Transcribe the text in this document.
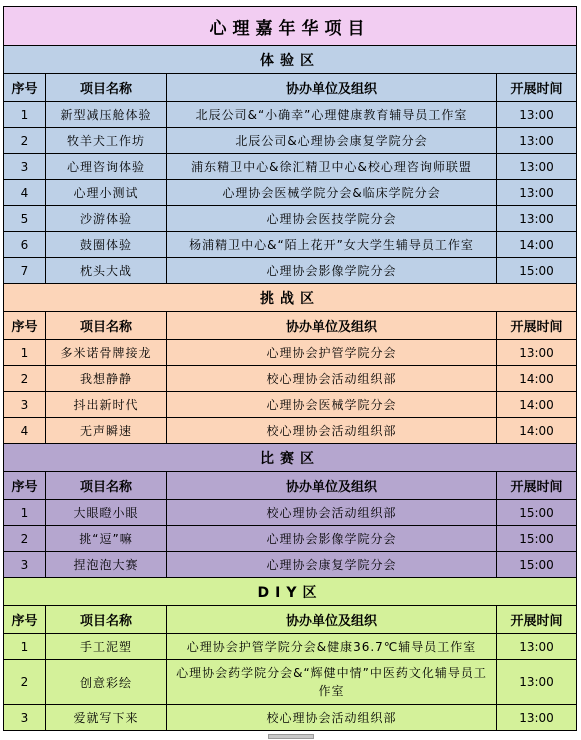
心理嘉年华项目			
体验区			
序号	项目名称	协办单位及组织	开展时间
1	新型减压舱体验	北辰公司&“小确幸”心理健康教育辅导员工作室	13:00
2	牧羊犬工作坊	北辰公司&心理协会康复学院分会	13:00
3	心理咨询体验	浦东精卫中心&徐汇精卫中心&校心理咨询师联盟	13:00
4	心理小测试	心理协会医械学院分会&临床学院分会	13:00
5	沙游体验	心理协会医技学院分会	13:00
6	鼓圈体验	杨浦精卫中心&“陌上花开”女大学生辅导员工作室	14:00
7	枕头大战	心理协会影像学院分会	15:00
挑战区			
序号	项目名称	协办单位及组织	开展时间
1	多米诺骨牌接龙	心理协会护管学院分会	13:00
2	我想静静	校心理协会活动组织部	14:00
3	抖出新时代	心理协会医械学院分会	14:00
4	无声瞬速	校心理协会活动组织部	14:00
比赛区			
序号	项目名称	协办单位及组织	开展时间
1	大眼瞪小眼	校心理协会活动组织部	15:00
2	挑“逗”嘛	心理协会影像学院分会	15:00
3	捏泡泡大赛	心理协会康复学院分会	15:00
DIY区			
序号	项目名称	协办单位及组织	开展时间
1	手工泥塑	心理协会护管学院分会&健康36.7℃辅导员工作室	13:00
2	创意彩绘	心理协会药学院分会&“辉健中情”中医药文化辅导员工作室	13:00
3	爱就写下来	校心理协会活动组织部	13:00
